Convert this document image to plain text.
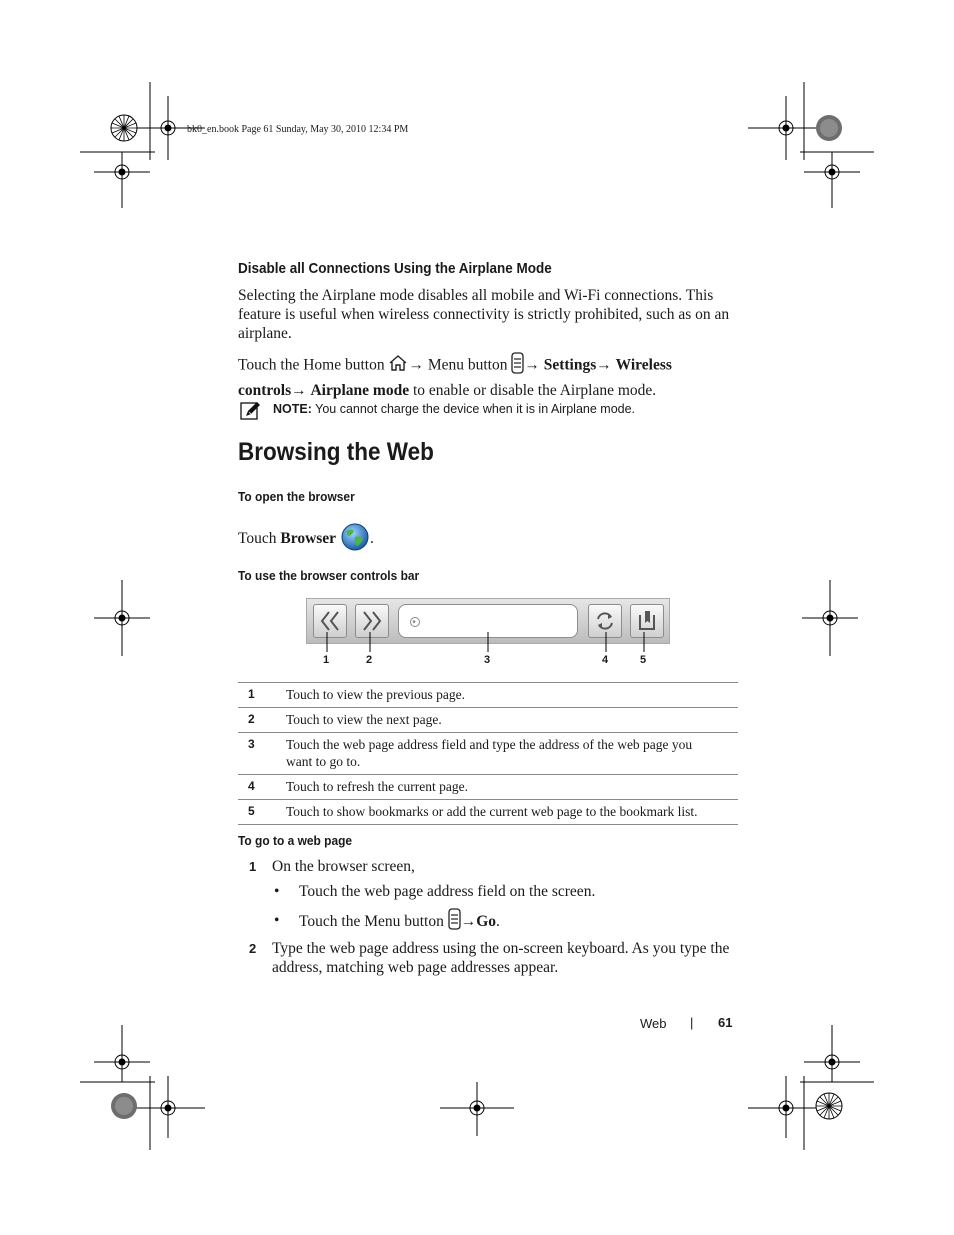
bk0_en.book Page 61 Sunday, May 30, 2010 12:34 PM
Disable all Connections Using the Airplane Mode
Selecting the Airplane mode disables all mobile and Wi-Fi connections. This feature is useful when wireless connectivity is strictly prohibited, such as on an airplane.
Touch the Home button → Menu button → Settings→ Wireless controls→ Airplane mode to enable or disable the Airplane mode.
NOTE: You cannot charge the device when it is in Airplane mode.
Browsing the Web
To open the browser
Touch Browser .
To use the browser controls bar
1	2	3	4	5
1	Touch to view the previous page.
2	Touch to view the next page.
3	Touch the web page address field and type the address of the web page you want to go to.
4	Touch to refresh the current page.
5	Touch to show bookmarks or add the current web page to the bookmark list.
To go to a web page
1 On the browser screen,
• Touch the web page address field on the screen.
• Touch the Menu button →Go.
2 Type the web page address using the on-screen keyboard. As you type the address, matching web page addresses appear.
Web | 61
